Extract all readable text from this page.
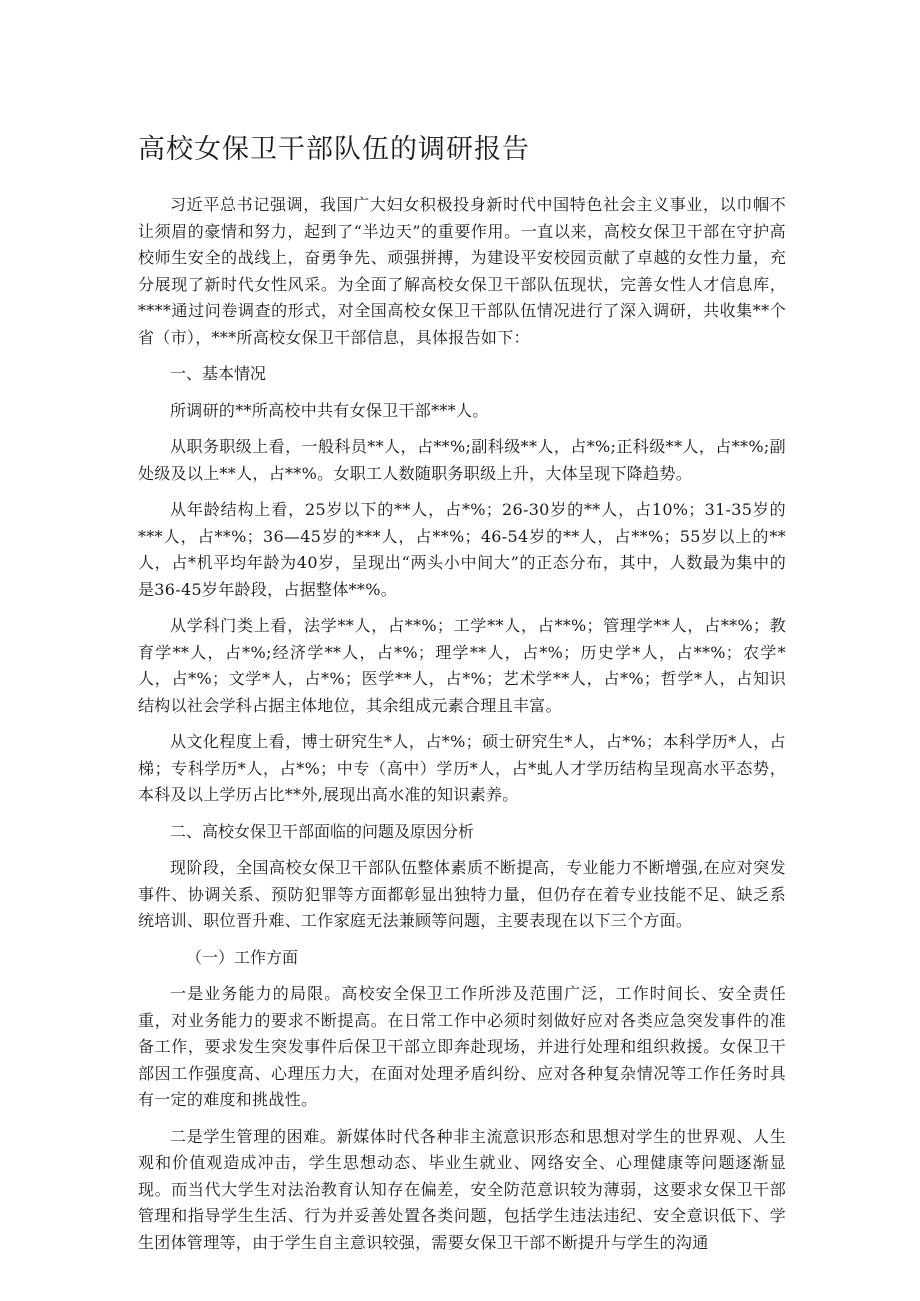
高校女保卫干部队伍的调研报告

习近平总书记强调，我国广大妇女积极投身新时代中国特色社会主义事业，以巾帼不让须眉的豪情和努力，起到了“半边天”的重要作用。一直以来，高校女保卫干部在守护高校师生安全的战线上，奋勇争先、顽强拼搏，为建设平安校园贡献了卓越的女性力量，充分展现了新时代女性风采。为全面了解高校女保卫干部队伍现状，完善女性人才信息库，****通过问卷调查的形式，对全国高校女保卫干部队伍情况进行了深入调研，共收集**个省（市），***所高校女保卫干部信息，具体报告如下：

一、基本情况

所调研的**所高校中共有女保卫干部***人。

从职务职级上看，一般科员**人，占**%;副科级**人，占*%;正科级**人，占**%;副处级及以上**人，占**%。女职工人数随职务职级上升，大体呈现下降趋势。

从年龄结构上看，25岁以下的**人，占*%；26-30岁的**人，占10%；31-35岁的***人，占**%；36—45岁的***人，占**%；46-54岁的**人，占**%；55岁以上的**人，占*机平均年龄为40岁，呈现出“两头小中间大”的正态分布，其中，人数最为集中的是36-45岁年龄段，占据整体**%。

从学科门类上看，法学**人，占**%；工学**人，占**%；管理学**人，占**%；教育学**人，占*%;经济学**人，占*%；理学**人，占*%；历史学*人，占**%；农学*人，占*%；文学*人，占*%；医学**人，占*%；艺术学**人，占*%；哲学*人，占知识结构以社会学科占据主体地位，其余组成元素合理且丰富。

从文化程度上看，博士研究生*人，占*%；硕士研究生*人，占*%；本科学历*人，占梯；专科学历*人，占*%；中专（高中）学历*人，占*虬人才学历结构呈现高水平态势，本科及以上学历占比**外,展现出高水准的知识素养。

二、高校女保卫干部面临的问题及原因分析

现阶段，全国高校女保卫干部队伍整体素质不断提高，专业能力不断增强,在应对突发事件、协调关系、预防犯罪等方面都彰显出独特力量，但仍存在着专业技能不足、缺乏系统培训、职位晋升难、工作家庭无法兼顾等问题，主要表现在以下三个方面。

（一）工作方面

一是业务能力的局限。高校安全保卫工作所涉及范围广泛，工作时间长、安全责任重，对业务能力的要求不断提高。在日常工作中必须时刻做好应对各类应急突发事件的准备工作，要求发生突发事件后保卫干部立即奔赴现场，并进行处理和组织救援。女保卫干部因工作强度高、心理压力大，在面对处理矛盾纠纷、应对各种复杂情况等工作任务时具有一定的难度和挑战性。

二是学生管理的困难。新媒体时代各种非主流意识形态和思想对学生的世界观、人生观和价值观造成冲击，学生思想动态、毕业生就业、网络安全、心理健康等问题逐渐显现。而当代大学生对法治教育认知存在偏差，安全防范意识较为薄弱，这要求女保卫干部管理和指导学生生活、行为并妥善处置各类问题，包括学生违法违纪、安全意识低下、学生团体管理等，由于学生自主意识较强，需要女保卫干部不断提升与学生的沟通
